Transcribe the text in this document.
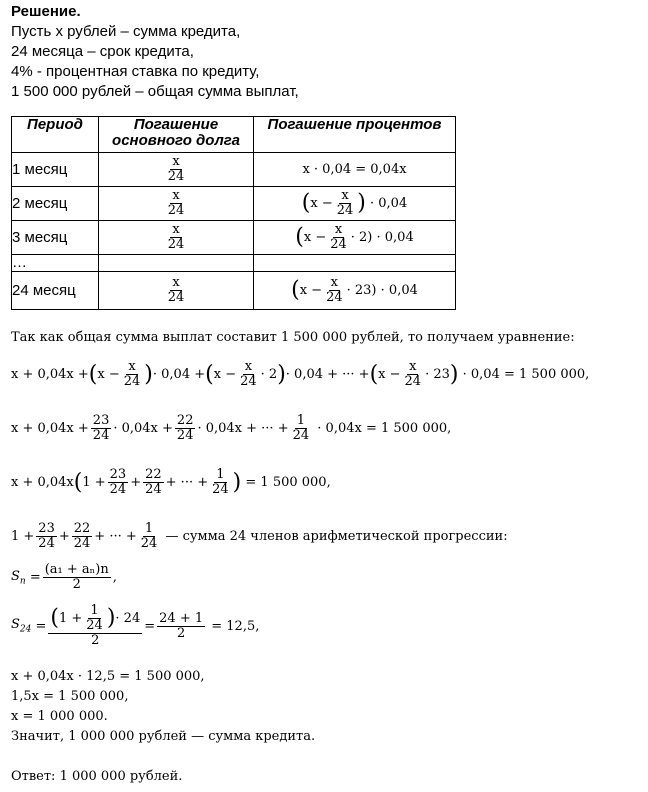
Решение.
Пусть х рублей – сумма кредита,
24 месяца – срок кредита,
4% - процентная ставка по кредиту,
1 500 000 рублей – общая сумма выплат,
Период	Погашение основного долга	Погашение процентов
1 месяц	$\frac{x}{24}$	x · 0,04 = 0,04x
2 месяц	$\frac{x}{24}$	($x - \frac{x}{24}$ ) · 0,04
3 месяц	$\frac{x}{24}$	$(x - \frac{x}{24} \cdot 2) \cdot 0,04$
…		
24 месяц	$\frac{x}{24}$	$(x - \frac{x}{24} \cdot 23) \cdot 0,04$
Так как общая сумма выплат составит 1 500 000 рублей, то получаем уравнение:
x + 0,04x + ( $x - \frac{x}{24}$ ) · 0,04 + ( $x - \frac{x}{24} \cdot 2$ ) · 0,04 + ··· + ( $x - \frac{x}{24} \cdot 23$ )
· 0,04 = 1 500 000,
$x + 0,04x + \frac{23}{24} \cdot 0,04x + \frac{22}{24} \cdot 0,04x$ + ··· + $\frac{1}{24}$
· 0,04x = 1 500 000,
x + 0,04x ( $1 + \frac{23}{24} + \frac{22}{24}$ + ··· + $\frac{1}{24}$ )
= 1 500 000,
$1 + \frac{23}{24} + \frac{22}{24}$ + ··· + $\frac{1}{24}$
— сумма 24 членов арифметической прогрессии:
$S_n = \frac{\text{(a₁ + aₙ)n}}{2}$ ,
$S_{24} = \frac{(1 + \frac{1}{24} )\cdot 24}{2} = \frac{24 + 1}{2}$
= 12,5,
x + 0,04x · 12,5 = 1 500 000,
1,5x = 1 500 000,
x = 1 000 000.
Значит, 1 000 000 рублей — сумма кредита.
Ответ: 1 000 000 рублей.
